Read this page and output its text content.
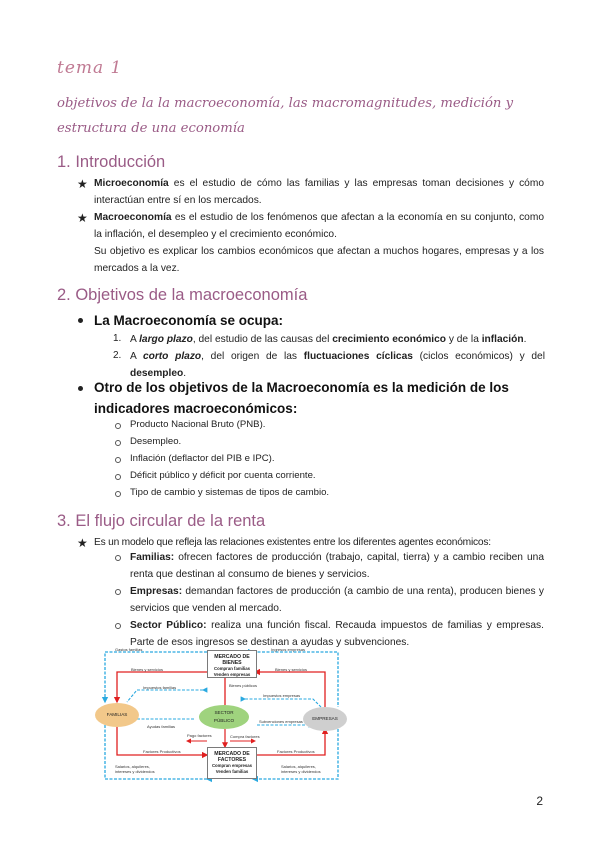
tema 1
objetivos de la la macroeconomía, las macromagnitudes, medición y estructura de una economía
1. Introducción
★ Microeconomía es el estudio de cómo las familias y las empresas toman decisiones y cómo interactúan entre sí en los mercados.
★ Macroeconomía es el estudio de los fenómenos que afectan a la economía en su conjunto, como la inflación, el desempleo y el crecimiento económico.
Su objetivo es explicar los cambios económicos que afectan a muchos hogares, empresas y a los mercados a la vez.
2. Objetivos de la macroeconomía
La Macroeconomía se ocupa:
1. A largo plazo, del estudio de las causas del crecimiento económico y de la inflación.
2. A corto plazo, del origen de las fluctuaciones cíclicas (ciclos económicos) y del desempleo.
Otro de los objetivos de la Macroeconomía es la medición de los indicadores macroeconómicos:
Producto Nacional Bruto (PNB).
Desempleo.
Inflación (deflactor del PIB e IPC).
Déficit público y déficit por cuenta corriente.
Tipo de cambio y sistemas de tipos de cambio.
3. El flujo circular de la renta
★ Es un modelo que refleja las relaciones existentes entre los diferentes agentes económicos:
Familias: ofrecen factores de producción (trabajo, capital, tierra) y a cambio reciben una renta que destinan al consumo de bienes y servicios.
Empresas: demandan factores de producción (a cambio de una renta), producen bienes y servicios que venden al mercado.
Sector Público: realiza una función fiscal. Recauda impuestos de familias y empresas. Parte de esos ingresos se destinan a ayudas y subvenciones.
MERCADO DE BIENES
Compran familias
Venden empresas
MERCADO DE FACTORES
Compran empresas
Venden familias
FAMILIAS
EMPRESAS
SECTOR
PÚBLICO
Gastos familias	Ingresos empresas
Bienes y servicios	Bienes y servicios
Bienes públicos
Impuestos familias
Impuestos empresas
Ayudas familias
Subvenciones empresas
Pago factores	Compra factores
Factores Productivos	Factores Productivos
Salarios, alquileres, intereses y dividendos
Salarios, alquileres, intereses y dividendos
2
